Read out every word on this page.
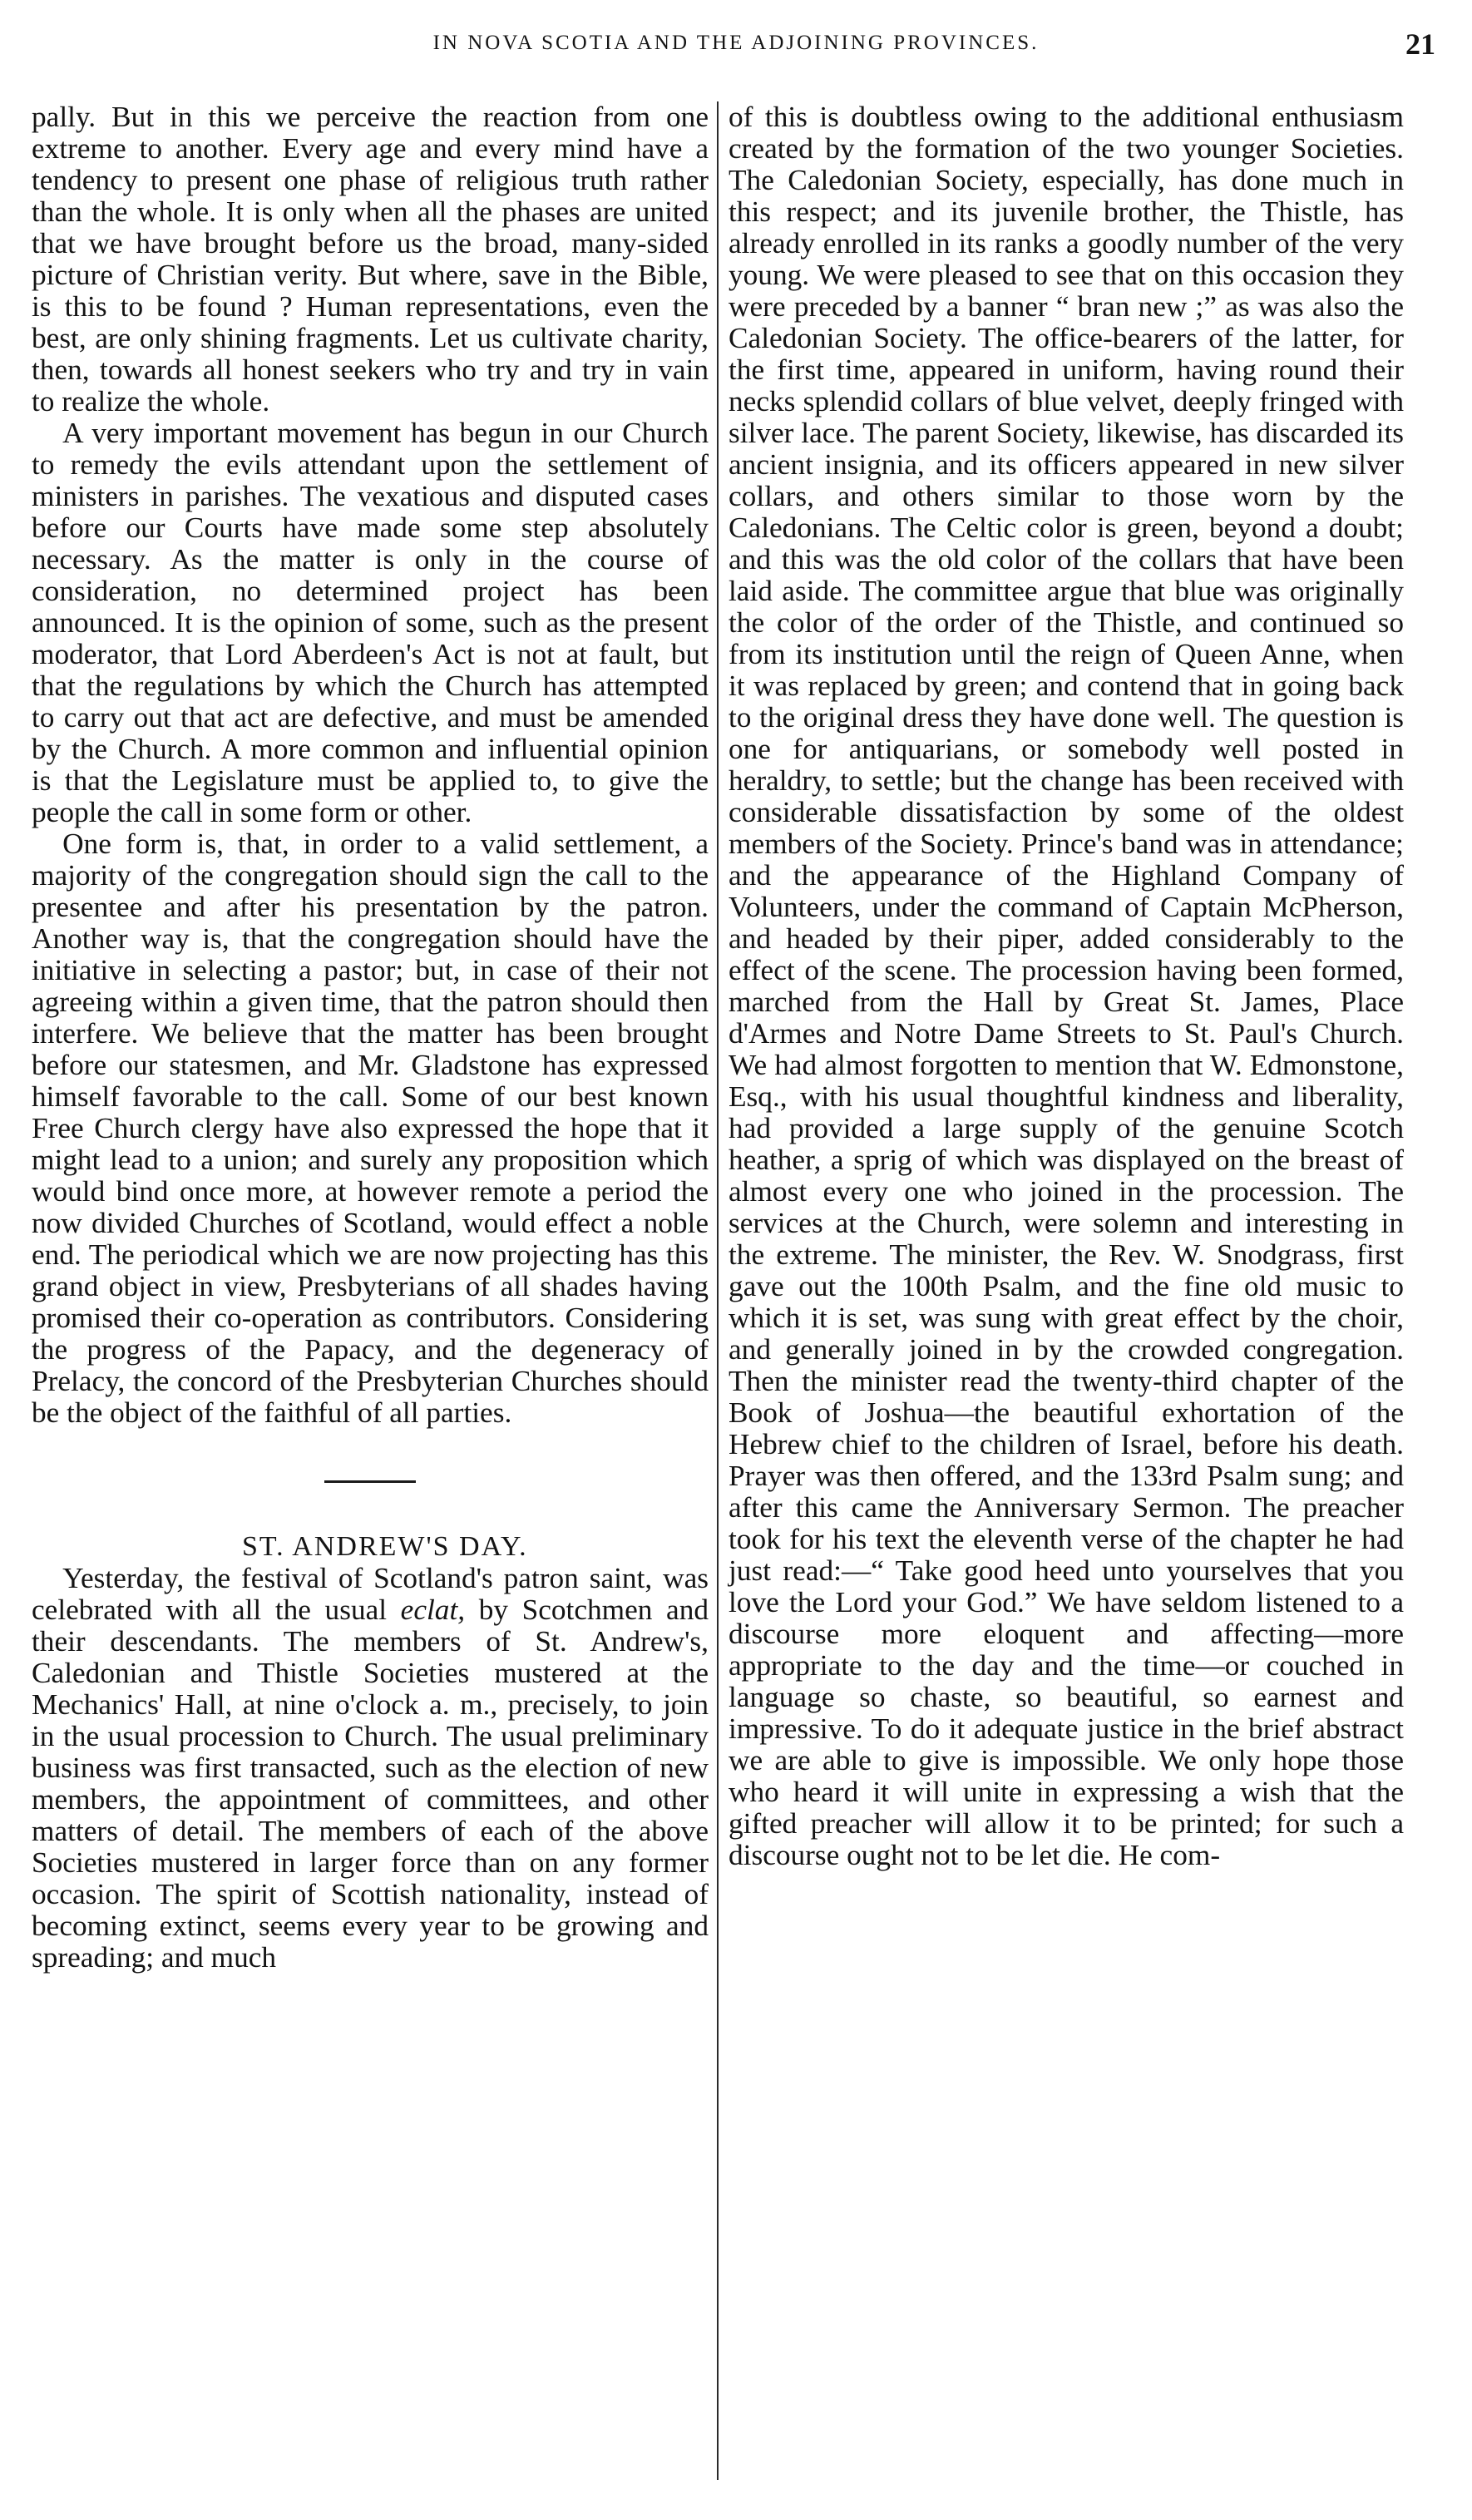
IN NOVA SCOTIA AND THE ADJOINING PROVINCES.	21

pally. But in this we perceive the reaction from one extreme to another. Every age and every mind have a tendency to present one phase of religious truth rather than the whole. It is only when all the phases are united that we have brought before us the broad, many-sided picture of Christian verity. But where, save in the Bible, is this to be found ? Human representations, even the best, are only shining fragments. Let us cultivate charity, then, towards all honest seekers who try and try in vain to realize the whole.

A very important movement has begun in our Church to remedy the evils attendant upon the settlement of ministers in parishes. The vexatious and disputed cases before our Courts have made some step absolutely necessary. As the matter is only in the course of consideration, no determined project has been announced. It is the opinion of some, such as the present moderator, that Lord Aberdeen's Act is not at fault, but that the regulations by which the Church has attempted to carry out that act are defective, and must be amended by the Church. A more common and influential opinion is that the Legislature must be applied to, to give the people the call in some form or other.

One form is, that, in order to a valid settlement, a majority of the congregation should sign the call to the presentee and after his presentation by the patron. Another way is, that the congregation should have the initiative in selecting a pastor; but, in case of their not agreeing within a given time, that the patron should then interfere. We believe that the matter has been brought before our statesmen, and Mr. Gladstone has expressed himself favorable to the call. Some of our best known Free Church clergy have also expressed the hope that it might lead to a union; and surely any proposition which would bind once more, at however remote a period the now divided Churches of Scotland, would effect a noble end. The periodical which we are now projecting has this grand object in view, Presbyterians of all shades having promised their co-operation as contributors. Considering the progress of the Papacy, and the degeneracy of Prelacy, the concord of the Presbyterian Churches should be the object of the faithful of all parties.

ST. ANDREW'S DAY.

Yesterday, the festival of Scotland's patron saint, was celebrated with all the usual eclat, by Scotchmen and their descendants. The members of St. Andrew's, Caledonian and Thistle Societies mustered at the Mechanics' Hall, at nine o'clock a. m., precisely, to join in the usual procession to Church. The usual preliminary business was first transacted, such as the election of new members, the appointment of committees, and other matters of detail. The members of each of the above Societies mustered in larger force than on any former occasion. The spirit of Scottish nationality, instead of becoming extinct, seems every year to be growing and spreading; and much

of this is doubtless owing to the additional enthusiasm created by the formation of the two younger Societies. The Caledonian Society, especially, has done much in this respect; and its juvenile brother, the Thistle, has already enrolled in its ranks a goodly number of the very young. We were pleased to see that on this occasion they were preceded by a banner “ bran new ;” as was also the Caledonian Society. The office-bearers of the latter, for the first time, appeared in uniform, having round their necks splendid collars of blue velvet, deeply fringed with silver lace. The parent Society, likewise, has discarded its ancient insignia, and its officers appeared in new silver collars, and others similar to those worn by the Caledonians. The Celtic color is green, beyond a doubt; and this was the old color of the collars that have been laid aside. The committee argue that blue was originally the color of the order of the Thistle, and continued so from its institution until the reign of Queen Anne, when it was replaced by green; and contend that in going back to the original dress they have done well. The question is one for antiquarians, or somebody well posted in heraldry, to settle; but the change has been received with considerable dissatisfaction by some of the oldest members of the Society. Prince's band was in attendance; and the appearance of the Highland Company of Volunteers, under the command of Captain McPherson, and headed by their piper, added considerably to the effect of the scene. The procession having been formed, marched from the Hall by Great St. James, Place d'Armes and Notre Dame Streets to St. Paul's Church. We had almost forgotten to mention that W. Edmonstone, Esq., with his usual thoughtful kindness and liberality, had provided a large supply of the genuine Scotch heather, a sprig of which was displayed on the breast of almost every one who joined in the procession. The services at the Church, were solemn and interesting in the extreme. The minister, the Rev. W. Snodgrass, first gave out the 100th Psalm, and the fine old music to which it is set, was sung with great effect by the choir, and generally joined in by the crowded congregation. Then the minister read the twenty-third chapter of the Book of Joshua—the beautiful exhortation of the Hebrew chief to the children of Israel, before his death. Prayer was then offered, and the 133rd Psalm sung; and after this came the Anniversary Sermon. The preacher took for his text the eleventh verse of the chapter he had just read:—“ Take good heed unto yourselves that you love the Lord your God.” We have seldom listened to a discourse more eloquent and affecting—more appropriate to the day and the time—or couched in language so chaste, so beautiful, so earnest and impressive. To do it adequate justice in the brief abstract we are able to give is impossible. We only hope those who heard it will unite in expressing a wish that the gifted preacher will allow it to be printed; for such a discourse ought not to be let die. He com-
